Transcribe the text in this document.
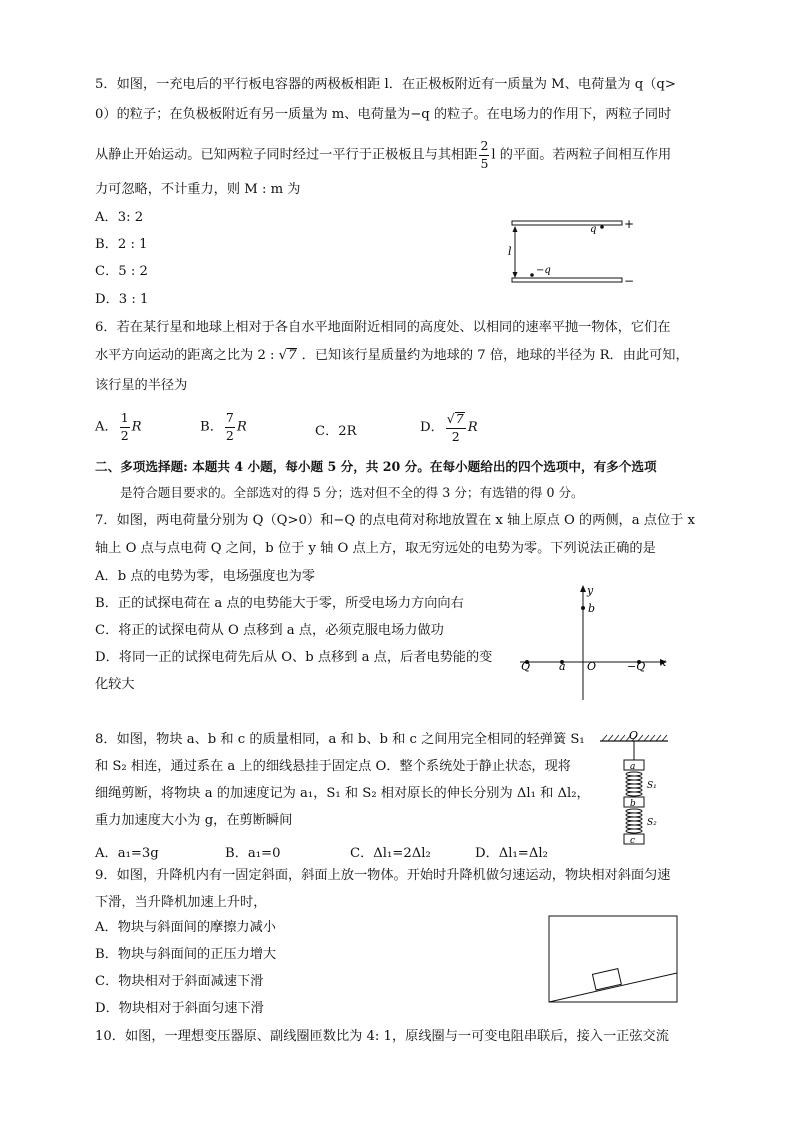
5．如图，一充电后的平行板电容器的两极板相距 l．在正极板附近有一质量为 M、电荷量为 q（q>
0）的粒子；在负极板附近有另一质量为 m、电荷量为−q 的粒子。在电场力的作用下，两粒子同时
从静止开始运动。已知两粒子同时经过一平行于正极板且与其相距 $\frac{2}{5}$ l 的平面。若两粒子间相互作用
力可忽略，不计重力，则 M : m 为
A．3: 2
B．2 : 1
C．5 : 2
D．3 : 1
q +
l
−q
−
6．若在某行星和地球上相对于各自水平地面附近相同的高度处、以相同的速率平抛一物体，它们在
水平方向运动的距离之比为 2 : √7 ．已知该行星质量约为地球的 7 倍，地球的半径为 R．由此可知，
该行星的半径为
A． $\frac{1}{2}$ R	B． $\frac{7}{2}$ R	C．2R	D． $\frac{√7}{2}$ R
二、多项选择题: 本题共 4 小题，每小题 5 分，共 20 分。在每小题给出的四个选项中，有多个选项
是符合题目要求的。全部选对的得 5 分；选对但不全的得 3 分；有选错的得 0 分。
7．如图，两电荷量分别为 Q（Q>0）和−Q 的点电荷对称地放置在 x 轴上原点 O 的两侧，a 点位于 x
轴上 O 点与点电荷 Q 之间，b 位于 y 轴 O 点上方，取无穷远处的电势为零。下列说法正确的是
A．b 点的电势为零，电场强度也为零
B．正的试探电荷在 a 点的电势能大于零，所受电场力方向向右
C．将正的试探电荷从 O 点移到 a 点，必须克服电场力做功
D．将同一正的试探电荷先后从 O、b 点移到 a 点，后者电势能的变
化较大
x
y
b
Q	a O	−Q
8．如图，物块 a、b 和 c 的质量相同，a 和 b、b 和 c 之间用完全相同的轻弹簧 S₁
和 S₂ 相连，通过系在 a 上的细线悬挂于固定点 O．整个系统处于静止状态，现将
细绳剪断，将物块 a 的加速度记为 a₁，S₁ 和 S₂ 相对原长的伸长分别为 Δl₁ 和 Δl₂，
重力加速度大小为 g，在剪断瞬间
A．a₁=3g	B．a₁=0	C．Δl₁=2Δl₂	D．Δl₁=Δl₂
O
a
S₁
b
S₂
c
9．如图，升降机内有一固定斜面，斜面上放一物体。开始时升降机做匀速运动，物块相对斜面匀速
下滑，当升降机加速上升时，
A．物块与斜面间的摩擦力减小
B．物块与斜面间的正压力增大
C．物块相对于斜面减速下滑
D．物块相对于斜面匀速下滑
10．如图，一理想变压器原、副线圈匝数比为 4: 1，原线圈与一可变电阻串联后，接入一正弦交流
